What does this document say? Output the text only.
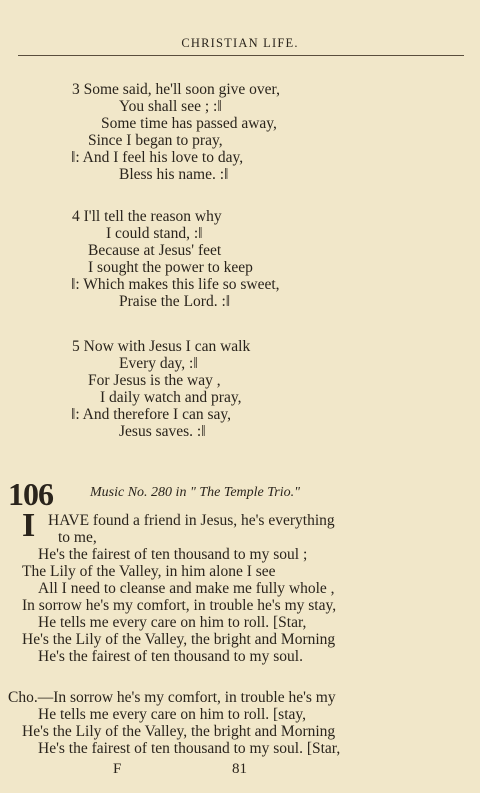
CHRISTIAN LIFE.
3 Some said, he'll soon give over,
You shall see ; :‖
Some time has passed away,
Since I began to pray,
‖: And I feel his love to day,
Bless his name. :‖
4 I'll tell the reason why
I could stand, :‖
Because at Jesus' feet
I sought the power to keep
‖: Which makes this life so sweet,
Praise the Lord. :‖
5 Now with Jesus I can walk
Every day, :‖
For Jesus is the way ,
I daily watch and pray,
‖: And therefore I can say,
Jesus saves. :‖
106	Music No. 280 in " The Temple Trio."
I HAVE found a friend in Jesus, he's everything
to me,
He's the fairest of ten thousand to my soul ;
The Lily of the Valley, in him alone I see
All I need to cleanse and make me fully whole ,
In sorrow he's my comfort, in trouble he's my stay,
He tells me every care on him to roll. [Star,
He's the Lily of the Valley, the bright and Morning
He's the fairest of ten thousand to my soul.
Cho.—In sorrow he's my comfort, in trouble he's my
He tells me every care on him to roll. [stay,
He's the Lily of the Valley, the bright and Morning
He's the fairest of ten thousand to my soul. [Star,
F	81
